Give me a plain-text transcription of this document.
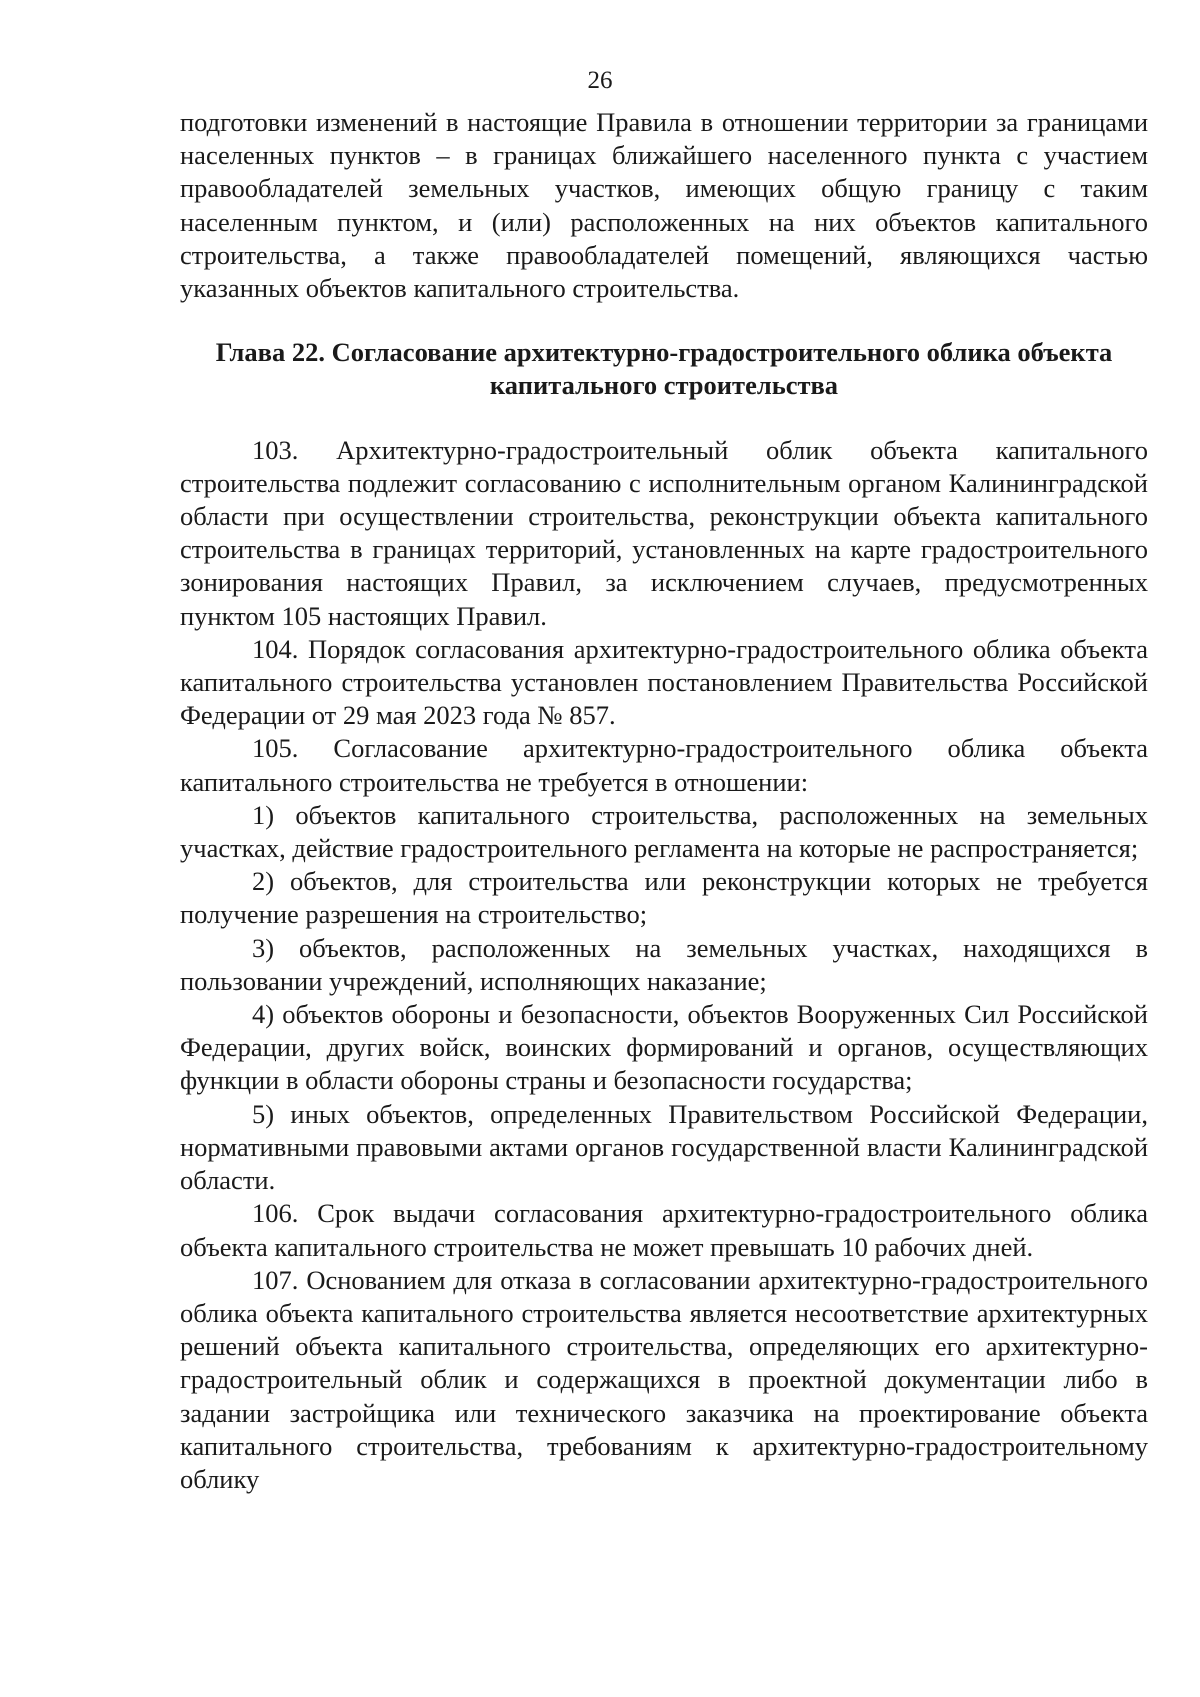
26

подготовки изменений в настоящие Правила в отношении территории за границами населенных пунктов – в границах ближайшего населенного пункта с участием правообладателей земельных участков, имеющих общую границу с таким населенным пунктом, и (или) расположенных на них объектов капитального строительства, а также правообладателей помещений, являющихся частью указанных объектов капитального строительства.

Глава 22. Согласование архитектурно-градостроительного облика объекта
капитального строительства

103. Архитектурно-градостроительный облик объекта капитального строительства подлежит согласованию с исполнительным органом Калининградской области при осуществлении строительства, реконструкции объекта капитального строительства в границах территорий, установленных на карте градостроительного зонирования настоящих Правил, за исключением случаев, предусмотренных пунктом 105 настоящих Правил.

104. Порядок согласования архитектурно-градостроительного облика объекта капитального строительства установлен постановлением Правительства Российской Федерации от 29 мая 2023 года № 857.

105. Согласование архитектурно-градостроительного облика объекта капитального строительства не требуется в отношении:

1) объектов капитального строительства, расположенных на земельных участках, действие градостроительного регламента на которые не распространяется;

2) объектов, для строительства или реконструкции которых не требуется получение разрешения на строительство;

3) объектов, расположенных на земельных участках, находящихся в пользовании учреждений, исполняющих наказание;

4) объектов обороны и безопасности, объектов Вооруженных Сил Российской Федерации, других войск, воинских формирований и органов, осуществляющих функции в области обороны страны и безопасности государства;

5) иных объектов, определенных Правительством Российской Федерации, нормативными правовыми актами органов государственной власти Калининградской области.

106. Срок выдачи согласования архитектурно-градостроительного облика объекта капитального строительства не может превышать 10 рабочих дней.

107. Основанием для отказа в согласовании архитектурно-градостроительного облика объекта капитального строительства является несоответствие архитектурных решений объекта капитального строительства, определяющих его архитектурно-градостроительный облик и содержащихся в проектной документации либо в задании застройщика или технического заказчика на проектирование объекта капитального строительства, требованиям к архитектурно-градостроительному облику
